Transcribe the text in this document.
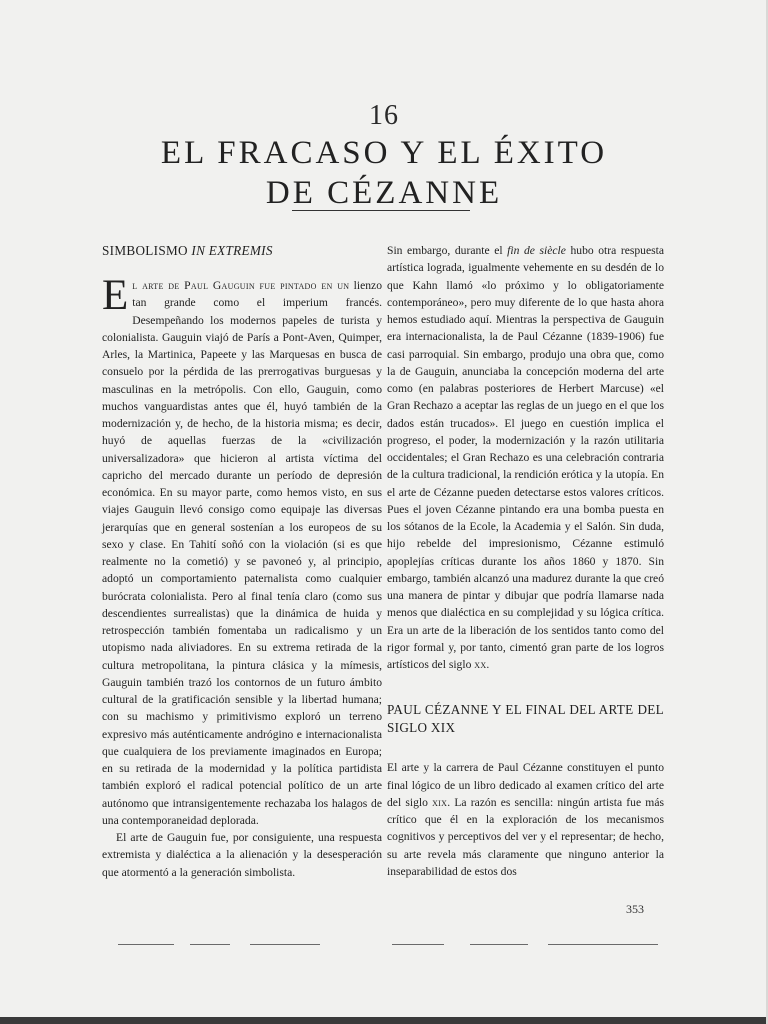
16
EL FRACASO Y EL ÉXITO
DE CÉZANNE
SIMBOLISMO IN EXTREMIS

El arte de Paul Gauguin fue pintado en un lienzo tan grande como el imperium francés. Desempeñando los modernos papeles de turista y colonialista. Gauguin viajó de París a Pont-Aven, Quimper, Arles, la Martinica, Papeete y las Marquesas en busca de consuelo por la pérdida de las prerrogativas burguesas y masculinas en la metrópolis. Con ello, Gauguin, como muchos vanguardistas antes que él, huyó también de la modernización y, de hecho, de la historia misma; es decir, huyó de aquellas fuerzas de la «civilización universalizadora» que hicieron al artista víctima del capricho del mercado durante un período de depresión económica. En su mayor parte, como hemos visto, en sus viajes Gauguin llevó consigo como equipaje las diversas jerarquías que en general sostenían a los europeos de su sexo y clase. En Tahití soñó con la violación (si es que realmente no la cometió) y se pavoneó y, al principio, adoptó un comportamiento paternalista como cualquier burócrata colonialista. Pero al final tenía claro (como sus descendientes surrealistas) que la dinámica de huida y retrospección también fomentaba un radicalismo y un utopismo nada aliviadores. En su extrema retirada de la cultura metropolitana, la pintura clásica y la mímesis, Gauguin también trazó los contornos de un futuro ámbito cultural de la gratificación sensible y la libertad humana; con su machismo y primitivismo exploró un terreno expresivo más auténticamente andrógino e internacionalista que cualquiera de los previamente imaginados en Europa; en su retirada de la modernidad y la política partidista también exploró el radical potencial político de un arte autónomo que intransigentemente rechazaba los halagos de una contemporaneidad deplorada.

El arte de Gauguin fue, por consiguiente, una respuesta extremista y dialéctica a la alienación y la desesperación que atormentó a la generación simbolista.

Sin embargo, durante el fin de siècle hubo otra respuesta artística lograda, igualmente vehemente en su desdén de lo que Kahn llamó «lo próximo y lo obligatoriamente contemporáneo», pero muy diferente de lo que hasta ahora hemos estudiado aquí. Mientras la perspectiva de Gauguin era internacionalista, la de Paul Cézanne (1839-1906) fue casi parroquial. Sin embargo, produjo una obra que, como la de Gauguin, anunciaba la concepción moderna del arte como (en palabras posteriores de Herbert Marcuse) «el Gran Rechazo a aceptar las reglas de un juego en el que los dados están trucados». El juego en cuestión implica el progreso, el poder, la modernización y la razón utilitaria occidentales; el Gran Rechazo es una celebración contraria de la cultura tradicional, la rendición erótica y la utopía. En el arte de Cézanne pueden detectarse estos valores críticos. Pues el joven Cézanne pintando era una bomba puesta en los sótanos de la Ecole, la Academia y el Salón. Sin duda, hijo rebelde del impresionismo, Cézanne estimuló apoplejías críticas durante los años 1860 y 1870. Sin embargo, también alcanzó una madurez durante la que creó una manera de pintar y dibujar que podría llamarse nada menos que dialéctica en su complejidad y su lógica crítica. Era un arte de la liberación de los sentidos tanto como del rigor formal y, por tanto, cimentó gran parte de los logros artísticos del siglo xx.

PAUL CÉZANNE Y EL FINAL DEL ARTE DEL SIGLO XIX

El arte y la carrera de Paul Cézanne constituyen el punto final lógico de un libro dedicado al examen crítico del arte del siglo xix. La razón es sencilla: ningún artista fue más crítico que él en la exploración de los mecanismos cognitivos y perceptivos del ver y el representar; de hecho, su arte revela más claramente que ninguno anterior la inseparabilidad de estos dos

353
